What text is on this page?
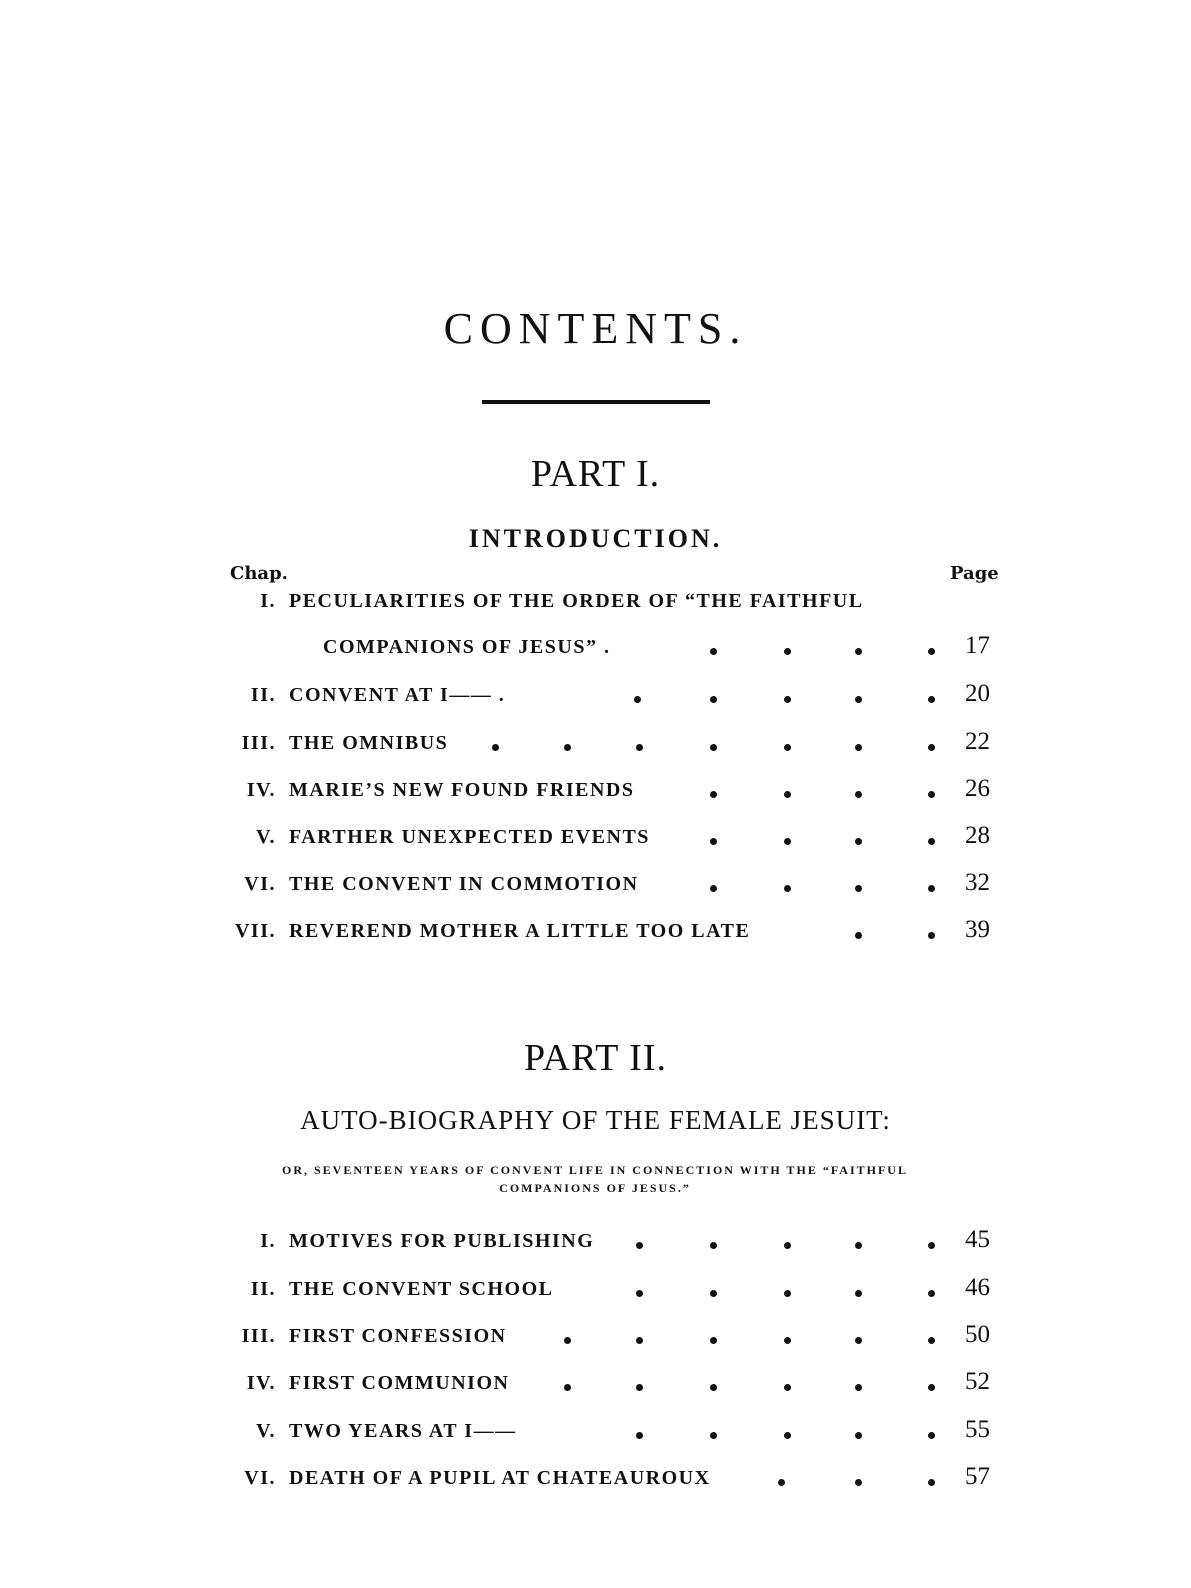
CONTENTS.
PART I.
INTRODUCTION.
Chap.	Page
I. PECULIARITIES OF THE ORDER OF “THE FAITHFUL
COMPANIONS OF JESUS” .	17
II. CONVENT AT I—— .	20
III. THE OMNIBUS	22
IV. MARIE’S NEW FOUND FRIENDS	26
V. FARTHER UNEXPECTED EVENTS	28
VI. THE CONVENT IN COMMOTION	32
VII. REVEREND MOTHER A LITTLE TOO LATE	39
PART II.
AUTO-BIOGRAPHY OF THE FEMALE JESUIT:
OR, SEVENTEEN YEARS OF CONVENT LIFE IN CONNECTION WITH THE “FAITHFUL
COMPANIONS OF JESUS.”
I. MOTIVES FOR PUBLISHING	45
II. THE CONVENT SCHOOL	46
III. FIRST CONFESSION	50
IV. FIRST COMMUNION	52
V. TWO YEARS AT I——	55
VI. DEATH OF A PUPIL AT CHATEAUROUX	57
